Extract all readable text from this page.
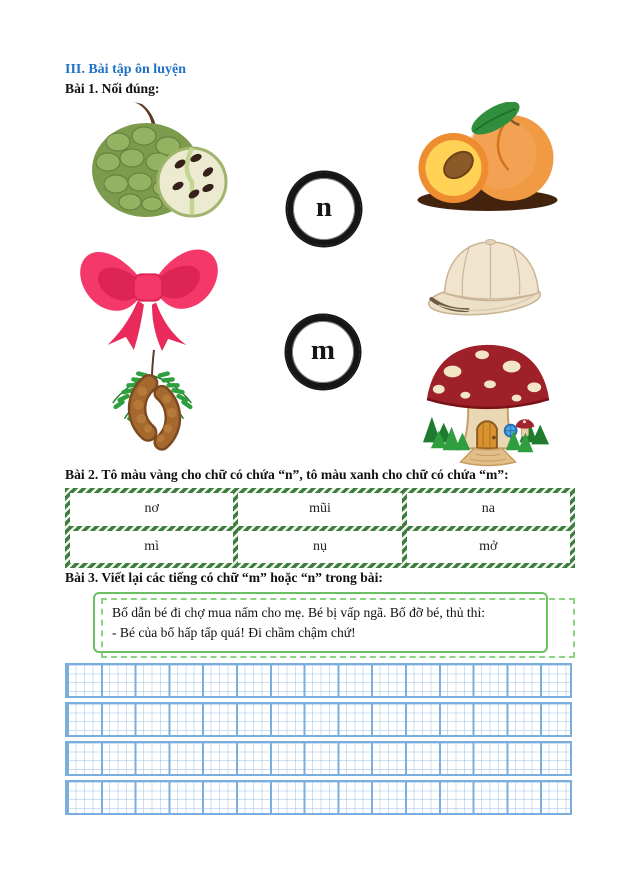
III. Bài tập ôn luyện
Bài 1. Nối đúng:
n
m
Bài 2. Tô màu vàng cho chữ có chứa “n”, tô màu xanh cho chữ có chứa “m”:
nơ	mũi	na
mì	nụ	mở
Bài 3. Viết lại các tiếng có chữ “m” hoặc “n” trong bài:
Bố dẫn bé đi chợ mua nấm cho mẹ. Bé bị vấp ngã. Bố đỡ bé, thủ thỉ:
- Bé của bố hấp tấp quá! Đi chầm chậm chứ!
